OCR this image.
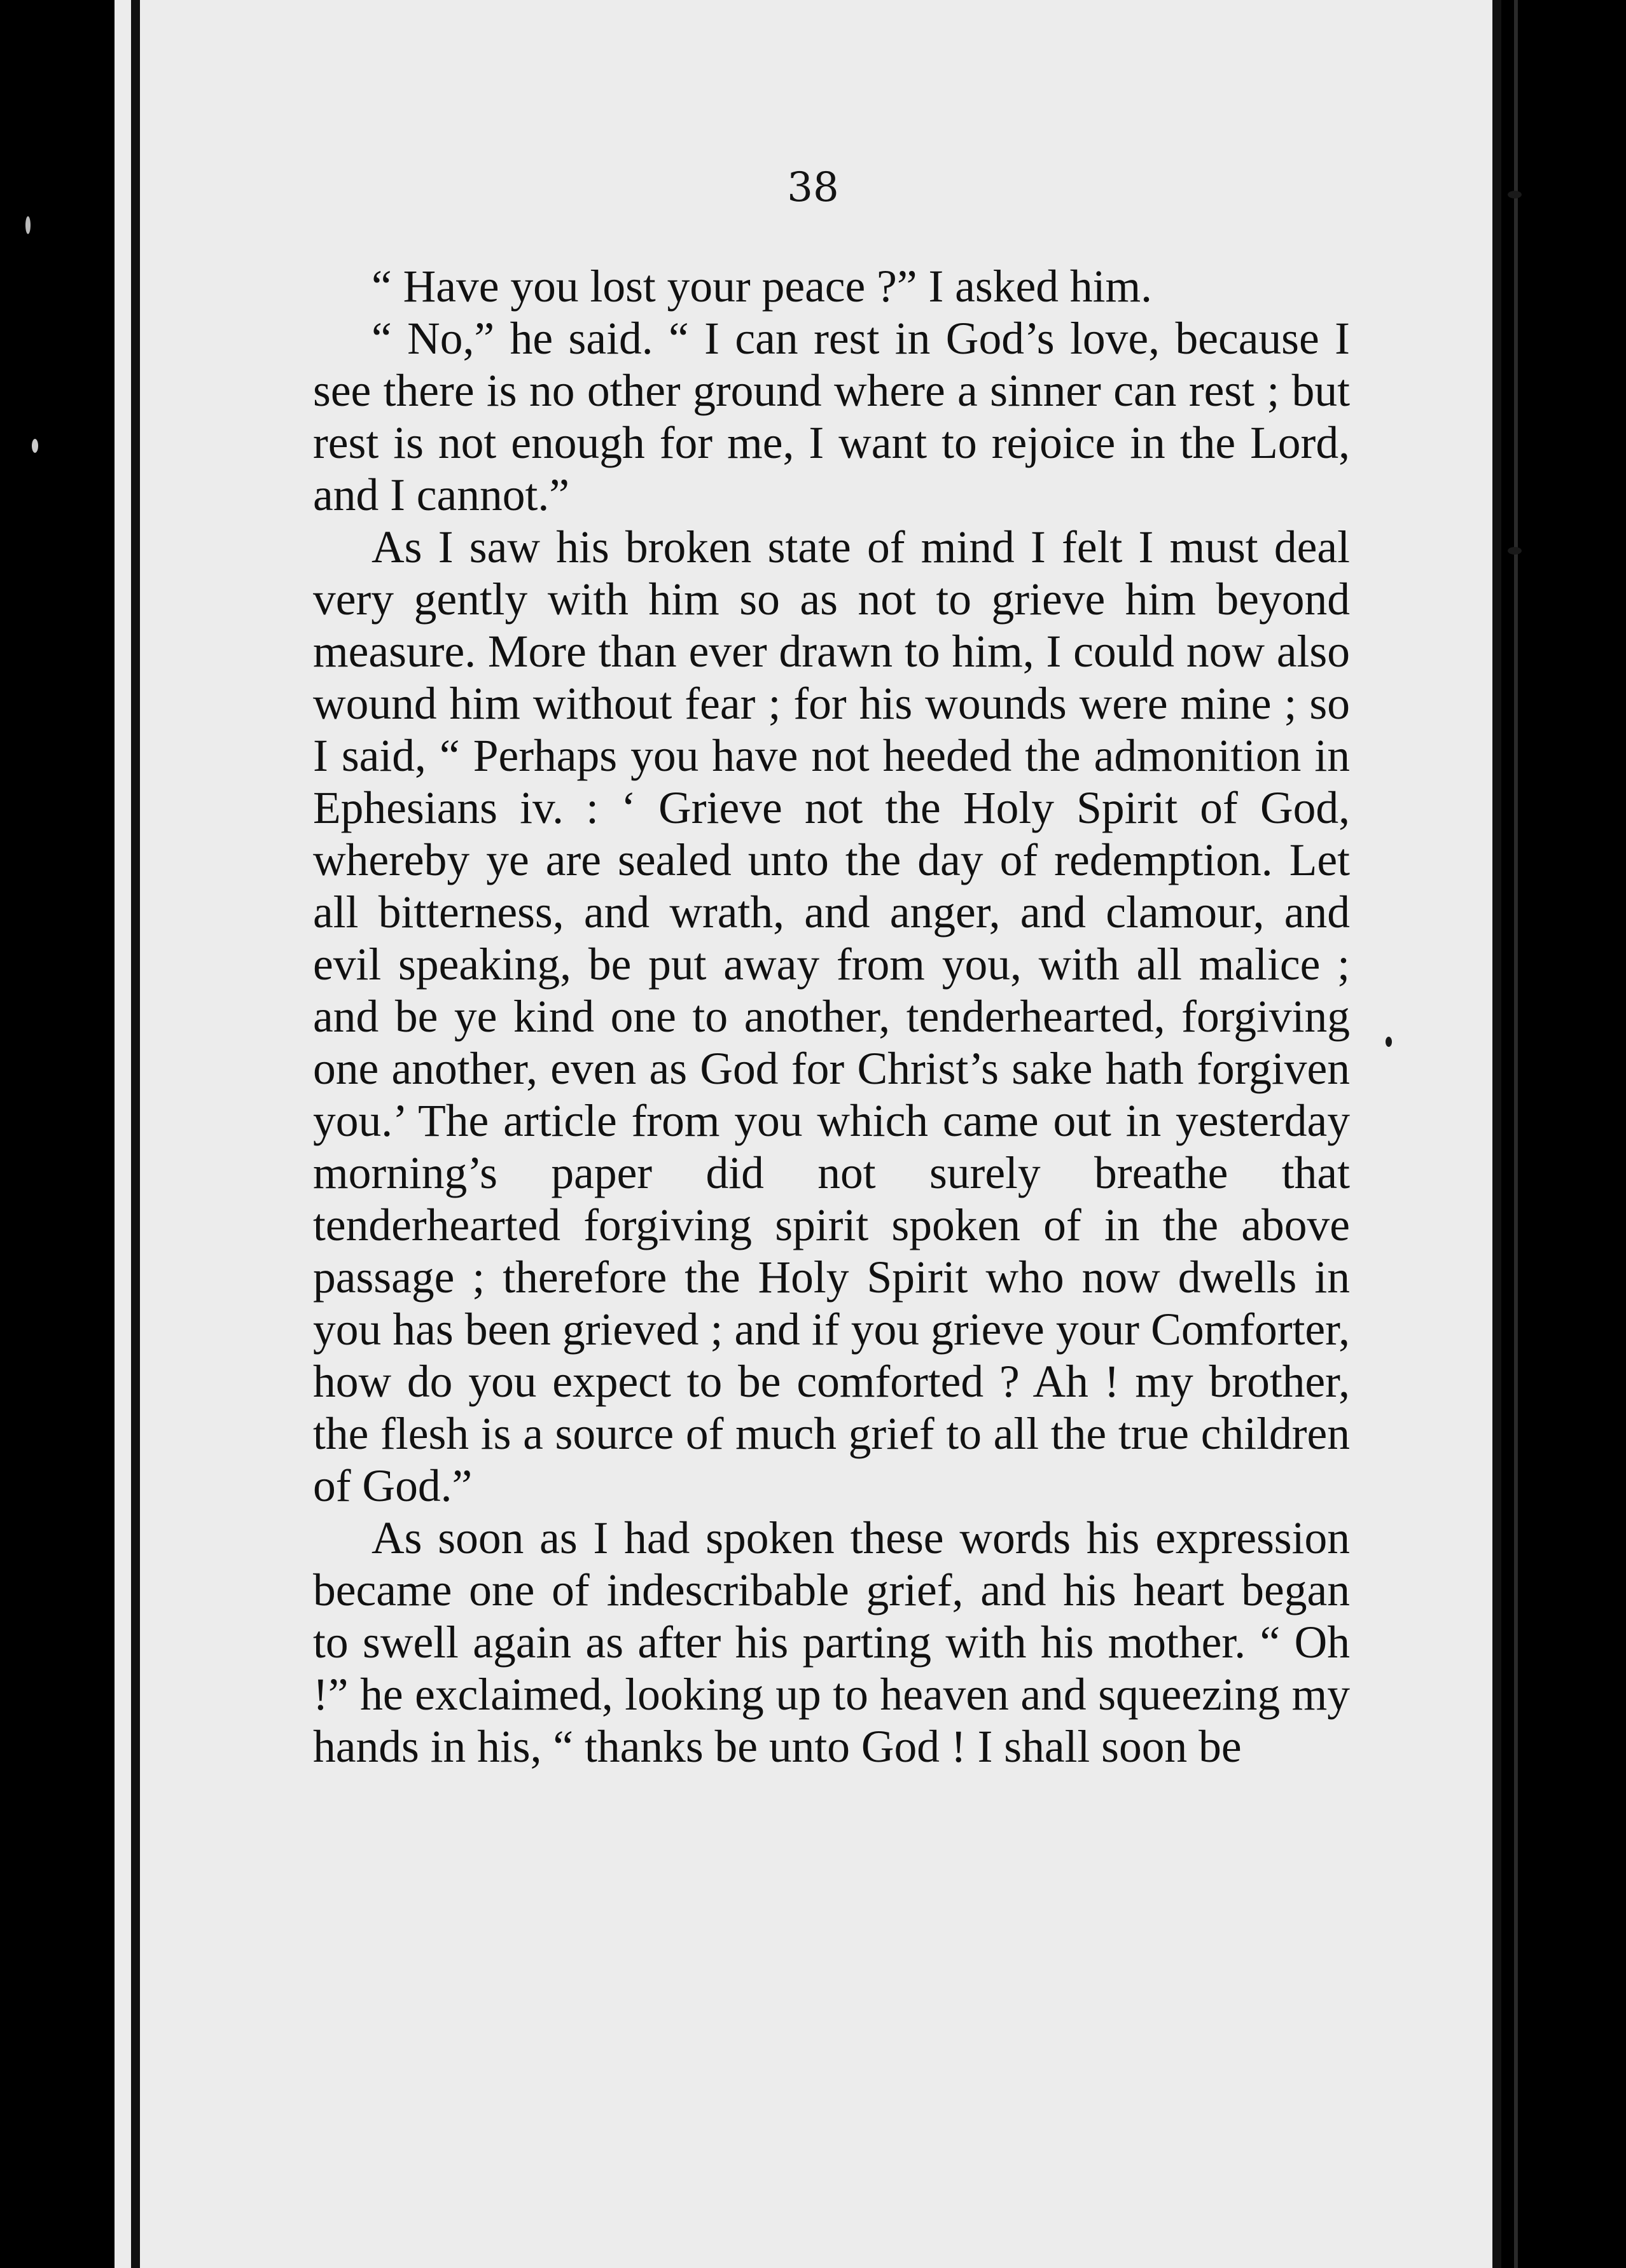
38

“ Have you lost your peace ?” I asked him.

“ No,” he said. “ I can rest in God’s love, because I see there is no other ground where a sinner can rest ; but rest is not enough for me, I want to rejoice in the Lord, and I cannot.”

As I saw his broken state of mind I felt I must deal very gently with him so as not to grieve him beyond measure. More than ever drawn to him, I could now also wound him without fear ; for his wounds were mine ; so I said, “ Perhaps you have not heeded the admonition in Ephesians iv. : ‘ Grieve not the Holy Spirit of God, whereby ye are sealed unto the day of redemption. Let all bitterness, and wrath, and anger, and clamour, and evil speaking, be put away from you, with all malice ; and be ye kind one to another, tenderhearted, forgiving one another, even as God for Christ’s sake hath forgiven you.’ The article from you which came out in yesterday morning’s paper did not surely breathe that tenderhearted forgiving spirit spoken of in the above passage ; therefore the Holy Spirit who now dwells in you has been grieved ; and if you grieve your Comforter, how do you expect to be comforted ? Ah ! my brother, the flesh is a source of much grief to all the true children of God.”

As soon as I had spoken these words his expression became one of indescribable grief, and his heart began to swell again as after his parting with his mother. “ Oh !” he exclaimed, looking up to heaven and squeezing my hands in his, “ thanks be unto God ! I shall soon be
